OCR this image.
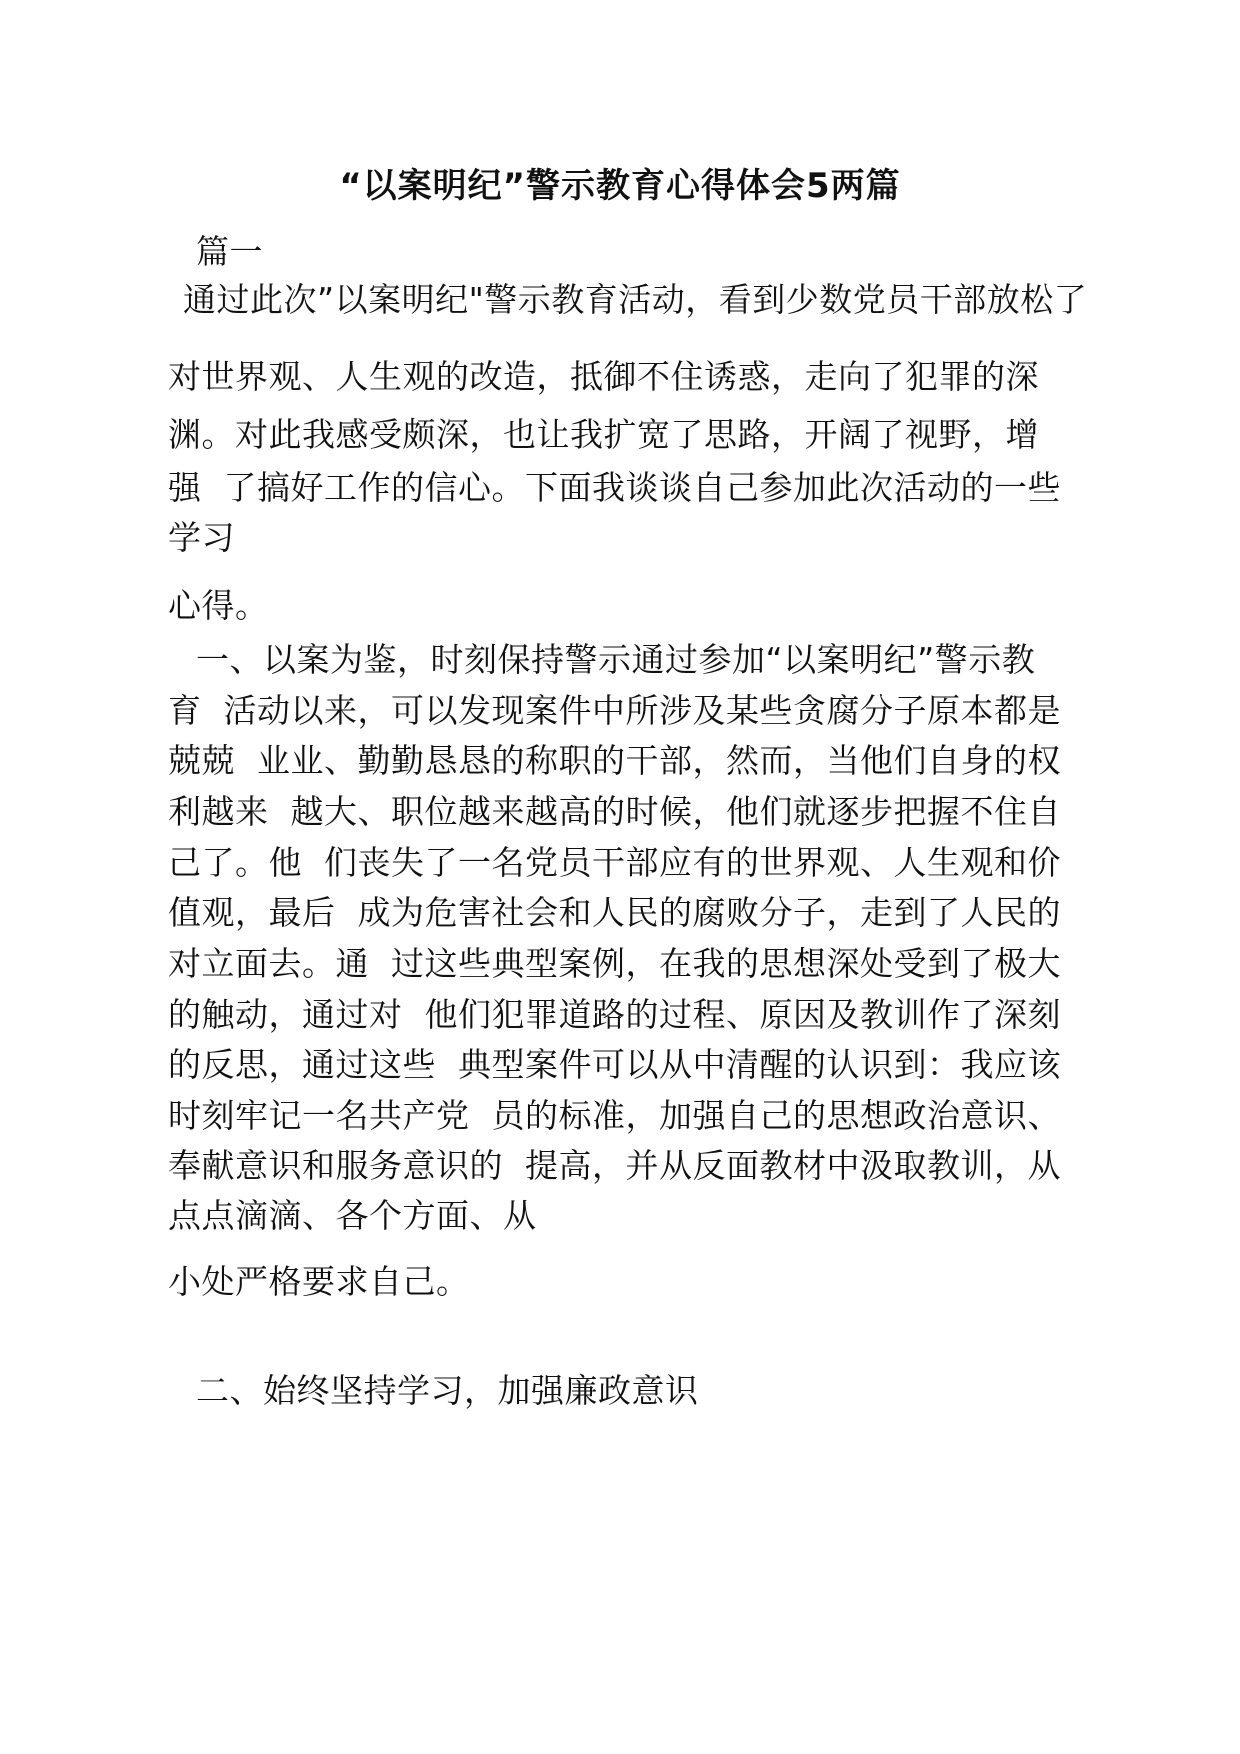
“以案明纪”警示教育心得体会5两篇
篇一
通过此次”以案明纪"警示教育活动，看到少数党员干部放松了
对世界观、人生观的改造，抵御不住诱惑，走向了犯罪的深
渊。对此我感受颇深，也让我扩宽了思路，开阔了视野，增
强  了搞好工作的信心。下面我谈谈自己参加此次活动的一些
学习
心得。
一、以案为鉴，时刻保持警示通过参加“以案明纪”警示教
育  活动以来，可以发现案件中所涉及某些贪腐分子原本都是
兢兢  业业、勤勤恳恳的称职的干部，然而，当他们自身的权
利越来  越大、职位越来越高的时候，他们就逐步把握不住自
己了。他  们丧失了一名党员干部应有的世界观、人生观和价
值观，最后  成为危害社会和人民的腐败分子，走到了人民的
对立面去。通  过这些典型案例，在我的思想深处受到了极大
的触动，通过对  他们犯罪道路的过程、原因及教训作了深刻
的反思，通过这些  典型案件可以从中清醒的认识到：我应该
时刻牢记一名共产党  员的标准，加强自己的思想政治意识、
奉献意识和服务意识的  提高，并从反面教材中汲取教训，从
点点滴滴、各个方面、从
小处严格要求自己。
二、始终坚持学习，加强廉政意识
